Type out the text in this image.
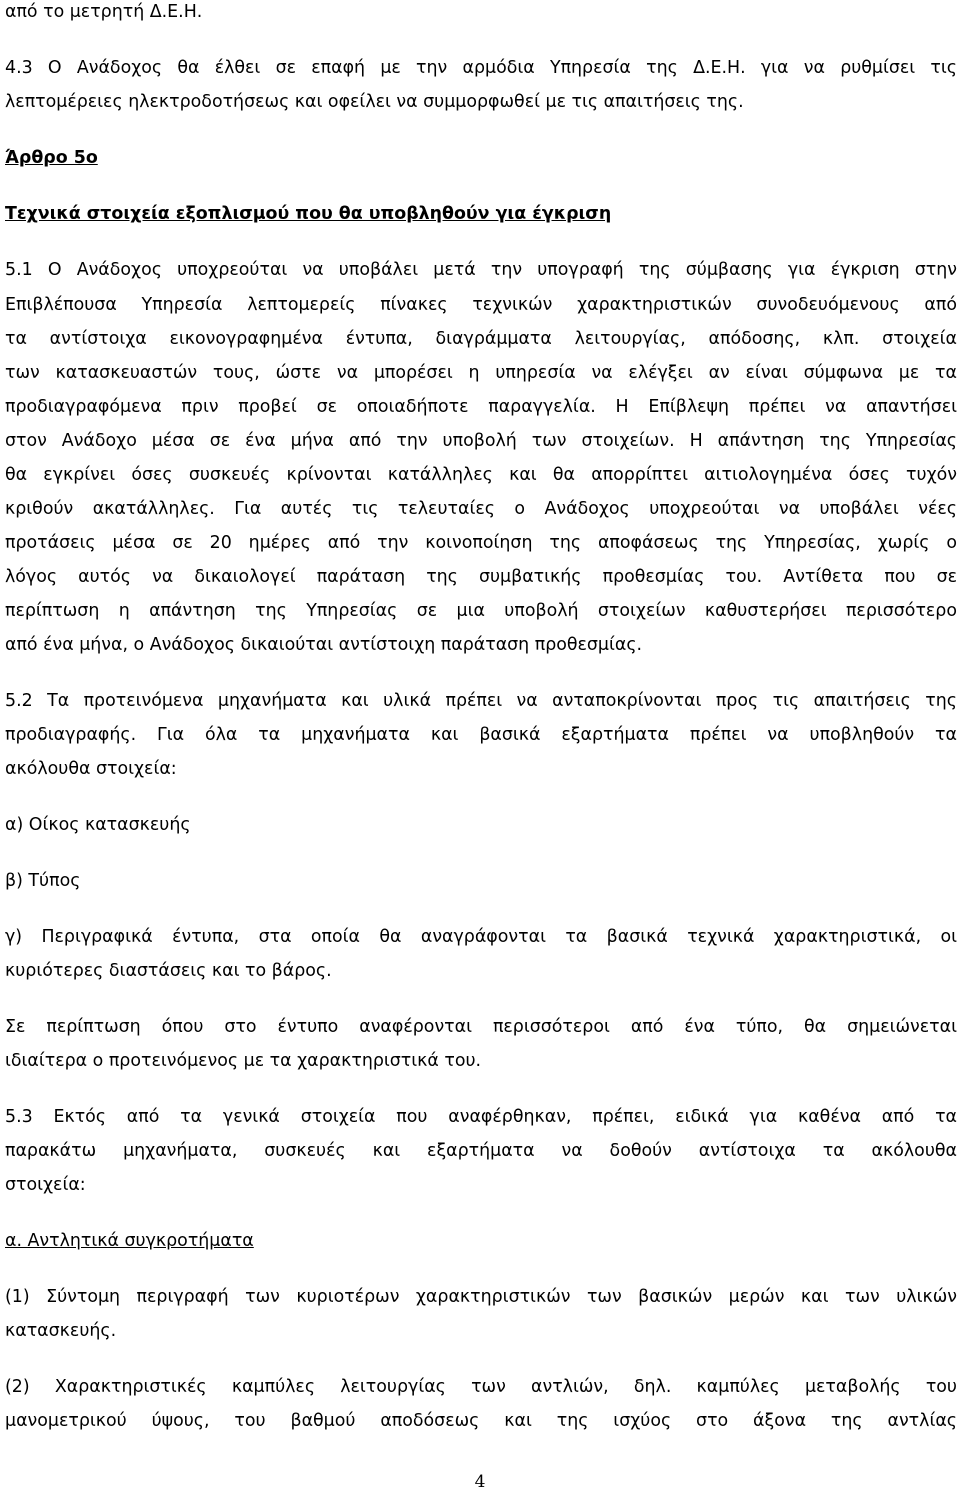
από το μετρητή Δ.Ε.Η.
4.3 Ο Ανάδοχος θα έλθει σε επαφή με την αρμόδια Υπηρεσία της Δ.Ε.Η. για να ρυθμίσει τις
λεπτομέρειες ηλεκτροδοτήσεως και οφείλει να συμμορφωθεί με τις απαιτήσεις της.
Άρθρο 5ο
Τεχνικά στοιχεία εξοπλισμού που θα υποβληθούν για έγκριση
5.1 Ο Ανάδοχος υποχρεούται να υποβάλει μετά την υπογραφή της σύμβασης για έγκριση στην
Επιβλέπουσα Υπηρεσία λεπτομερείς πίνακες τεχνικών χαρακτηριστικών συνοδευόμενους από
τα αντίστοιχα εικονογραφημένα έντυπα, διαγράμματα λειτουργίας, απόδοσης, κλπ. στοιχεία
των κατασκευαστών τους, ώστε να μπορέσει η υπηρεσία να ελέγξει αν είναι σύμφωνα με τα
προδιαγραφόμενα πριν προβεί σε οποιαδήποτε παραγγελία. Η Επίβλεψη πρέπει να απαντήσει
στον Ανάδοχο μέσα σε ένα μήνα από την υποβολή των στοιχείων. Η απάντηση της Υπηρεσίας
θα εγκρίνει όσες συσκευές κρίνονται κατάλληλες και θα απορρίπτει αιτιολογημένα όσες τυχόν
κριθούν ακατάλληλες. Για αυτές τις τελευταίες ο Ανάδοχος υποχρεούται να υποβάλει νέες
προτάσεις μέσα σε 20 ημέρες από την κοινοποίηση της αποφάσεως της Υπηρεσίας, χωρίς ο
λόγος αυτός να δικαιολογεί παράταση της συμβατικής προθεσμίας του. Αντίθετα που σε
περίπτωση η απάντηση της Υπηρεσίας σε μια υποβολή στοιχείων καθυστερήσει περισσότερο
από ένα μήνα, ο Ανάδοχος δικαιούται αντίστοιχη παράταση προθεσμίας.
5.2 Τα προτεινόμενα μηχανήματα και υλικά πρέπει να ανταποκρίνονται προς τις απαιτήσεις της
προδιαγραφής. Για όλα τα μηχανήματα και βασικά εξαρτήματα πρέπει να υποβληθούν τα
ακόλουθα στοιχεία:
α) Οίκος κατασκευής
β) Τύπος
γ) Περιγραφικά έντυπα, στα οποία θα αναγράφονται τα βασικά τεχνικά χαρακτηριστικά, οι
κυριότερες διαστάσεις και το βάρος.
Σε περίπτωση όπου στο έντυπο αναφέρονται περισσότεροι από ένα τύπο, θα σημειώνεται
ιδιαίτερα ο προτεινόμενος με τα χαρακτηριστικά του.
5.3 Εκτός από τα γενικά στοιχεία που αναφέρθηκαν, πρέπει, ειδικά για καθένα από τα
παρακάτω μηχανήματα, συσκευές και εξαρτήματα να δοθούν αντίστοιχα τα ακόλουθα
στοιχεία:
α. Αντλητικά συγκροτήματα
(1) Σύντομη περιγραφή των κυριοτέρων χαρακτηριστικών των βασικών μερών και των υλικών
κατασκευής.
(2) Χαρακτηριστικές καμπύλες λειτουργίας των αντλιών, δηλ. καμπύλες μεταβολής του
μανομετρικού ύψους, του βαθμού αποδόσεως και της ισχύος στο άξονα της αντλίας
4
